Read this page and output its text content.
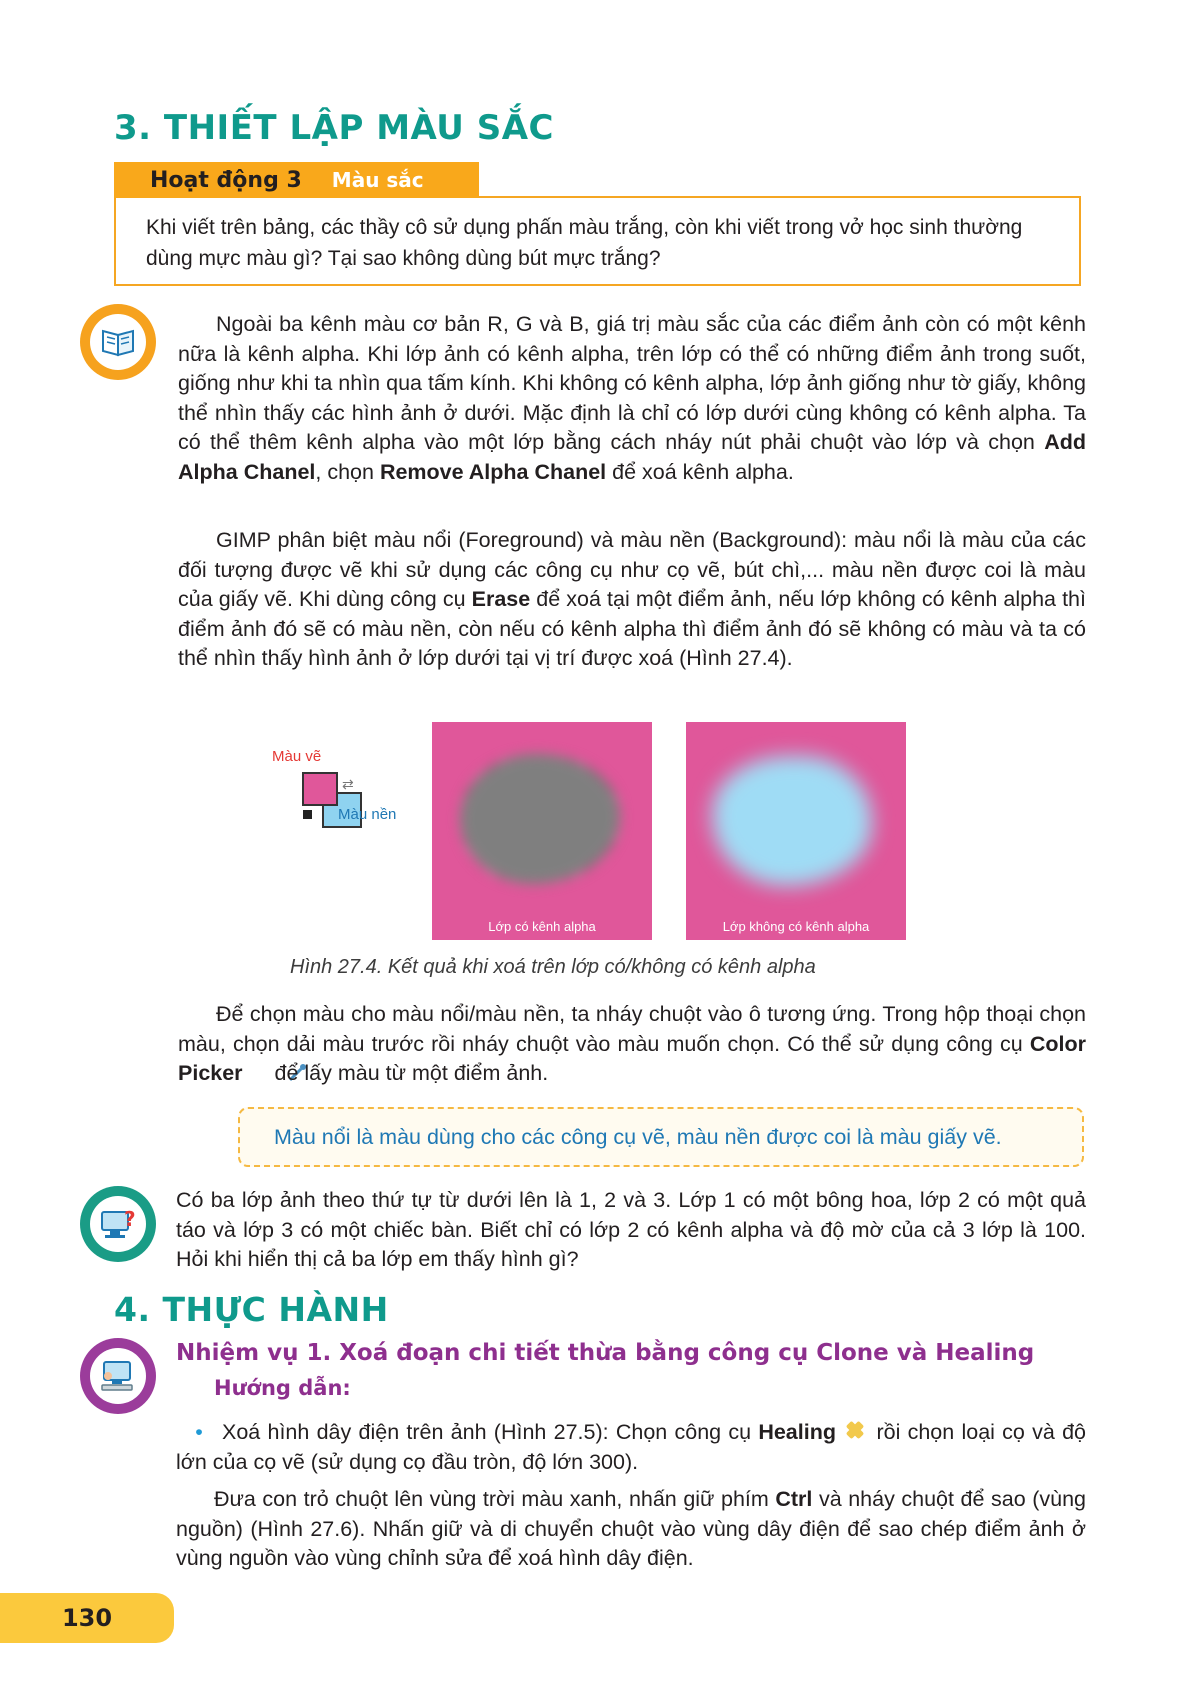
3. THIẾT LẬP MÀU SẮC
Hoạt động 3 Màu sắc

Khi viết trên bảng, các thầy cô sử dụng phấn màu trắng, còn khi viết trong vở học sinh thường dùng mực màu gì? Tại sao không dùng bút mực trắng?

Ngoài ba kênh màu cơ bản R, G và B, giá trị màu sắc của các điểm ảnh còn có một kênh nữa là kênh alpha. Khi lớp ảnh có kênh alpha, trên lớp có thể có những điểm ảnh trong suốt, giống như khi ta nhìn qua tấm kính. Khi không có kênh alpha, lớp ảnh giống như tờ giấy, không thể nhìn thấy các hình ảnh ở dưới. Mặc định là chỉ có lớp dưới cùng không có kênh alpha. Ta có thể thêm kênh alpha vào một lớp bằng cách nháy nút phải chuột vào lớp và chọn Add Alpha Chanel, chọn Remove Alpha Chanel để xoá kênh alpha.

GIMP phân biệt màu nổi (Foreground) và màu nền (Background): màu nổi là màu của các đối tượng được vẽ khi sử dụng các công cụ như cọ vẽ, bút chì,... màu nền được coi là màu của giấy vẽ. Khi dùng công cụ Erase để xoá tại một điểm ảnh, nếu lớp không có kênh alpha thì điểm ảnh đó sẽ có màu nền, còn nếu có kênh alpha thì điểm ảnh đó sẽ không có màu và ta có thể nhìn thấy hình ảnh ở lớp dưới tại vị trí được xoá (Hình 27.4).

Màu vẽ
⇄
Màu nền
Lớp có kênh alpha	Lớp không có kênh alpha
Hình 27.4. Kết quả khi xoá trên lớp có/không có kênh alpha

Để chọn màu cho màu nổi/màu nền, ta nháy chuột vào ô tương ứng. Trong hộp thoại chọn màu, chọn dải màu trước rồi nháy chuột vào màu muốn chọn. Có thể sử dụng công cụ Color Picker  để lấy màu từ một điểm ảnh.

Màu nổi là màu dùng cho các công cụ vẽ, màu nền được coi là màu giấy vẽ.
?

Có ba lớp ảnh theo thứ tự từ dưới lên là 1, 2 và 3. Lớp 1 có một bông hoa, lớp 2 có một quả táo và lớp 3 có một chiếc bàn. Biết chỉ có lớp 2 có kênh alpha và độ mờ của cả 3 lớp là 100. Hỏi khi hiển thị cả ba lớp em thấy hình gì?

4. THỰC HÀNH
Nhiệm vụ 1. Xoá đoạn chi tiết thừa bằng công cụ Clone và Healing
Hướng dẫn:

• Xoá hình dây điện trên ảnh (Hình 27.5): Chọn công cụ Healing  rồi chọn loại cọ và độ lớn của cọ vẽ (sử dụng cọ đầu tròn, độ lớn 300).

Đưa con trỏ chuột lên vùng trời màu xanh, nhấn giữ phím Ctrl và nháy chuột để sao (vùng nguồn) (Hình 27.6). Nhấn giữ và di chuyển chuột vào vùng dây điện để sao chép điểm ảnh ở vùng nguồn vào vùng chỉnh sửa để xoá hình dây điện.

130
